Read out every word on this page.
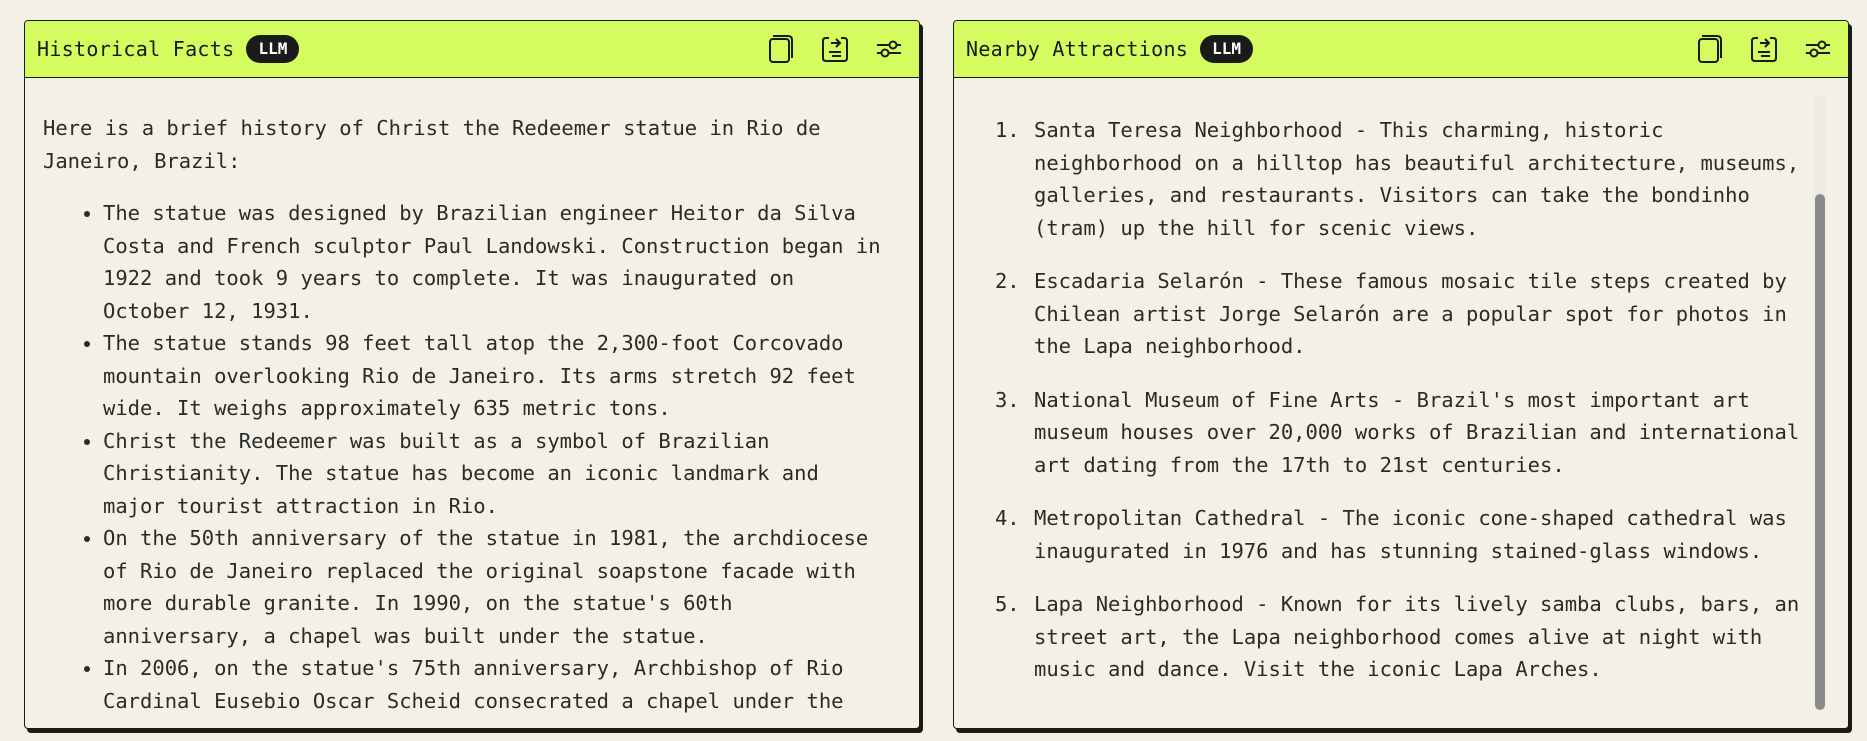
Historical Facts	LLM

Here is a brief history of Christ the Redeemer statue in Rio de Janeiro, Brazil:

• The statue was designed by Brazilian engineer Heitor da Silva Costa and French sculptor Paul Landowski. Construction began in 1922 and took 9 years to complete. It was inaugurated on October 12, 1931.
• The statue stands 98 feet tall atop the 2,300-foot Corcovado mountain overlooking Rio de Janeiro. Its arms stretch 92 feet wide. It weighs approximately 635 metric tons.
• Christ the Redeemer was built as a symbol of Brazilian Christianity. The statue has become an iconic landmark and major tourist attraction in Rio.
• On the 50th anniversary of the statue in 1981, the archdiocese of Rio de Janeiro replaced the original soapstone facade with more durable granite. In 1990, on the statue's 60th anniversary, a chapel was built under the statue.
• In 2006, on the statue's 75th anniversary, Archbishop of Rio Cardinal Eusebio Oscar Scheid consecrated a chapel under the
Nearby Attractions	LLM
1. Santa Teresa Neighborhood - This charming, historic neighborhood on a hilltop has beautiful architecture, museums, galleries, and restaurants. Visitors can take the bondinho (tram) up the hill for scenic views.
2. Escadaria Selarón - These famous mosaic tile steps created by Chilean artist Jorge Selarón are a popular spot for photos in the Lapa neighborhood.
3. National Museum of Fine Arts - Brazil's most important art museum houses over 20,000 works of Brazilian and international art dating from the 17th to 21st centuries.
4. Metropolitan Cathedral - The iconic cone-shaped cathedral was inaugurated in 1976 and has stunning stained-glass windows.
5. Lapa Neighborhood - Known for its lively samba clubs, bars, an street art, the Lapa neighborhood comes alive at night with music and dance. Visit the iconic Lapa Arches.
